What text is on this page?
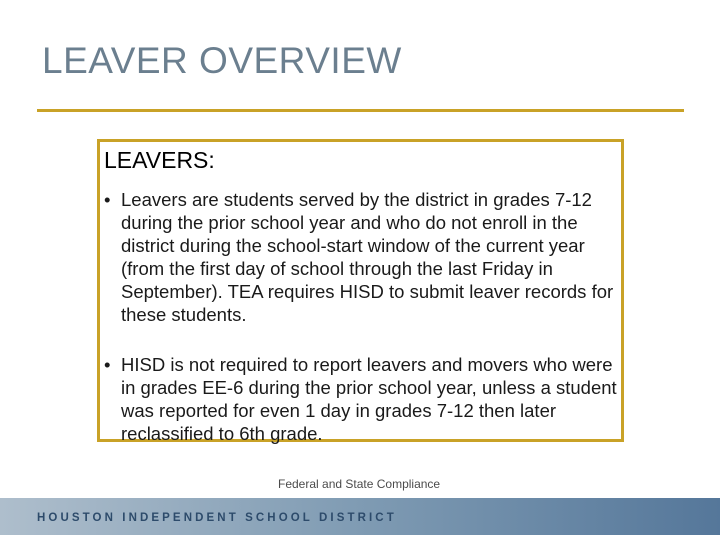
LEAVER OVERVIEW
LEAVERS:
• Leavers are students served by the district in grades 7-12 during the prior school year and who do not enroll in the district during the school-start window of the current year (from the first day of school through the last Friday in September). TEA requires HISD to submit leaver records for these students.
• HISD is not required to report leavers and movers who were in grades EE-6 during the prior school year, unless a student was reported for even 1 day in grades 7-12 then later reclassified to 6th grade.
HOUSTON INDEPENDENT SCHOOL DISTRICT
Federal and State Compliance	4
